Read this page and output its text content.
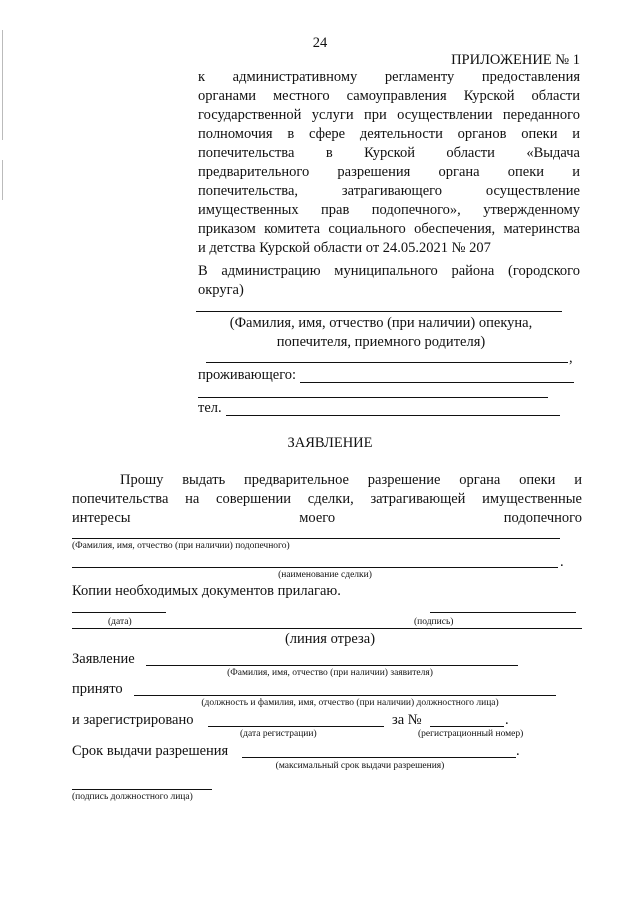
24
ПРИЛОЖЕНИЕ № 1
к административному регламенту предоставления
органами местного самоуправления Курской области
государственной услуги при осуществлении переданного
полномочия в сфере деятельности органов опеки и
попечительства в Курской области «Выдача
предварительного разрешения органа опеки и
попечительства, затрагивающего осуществление
имущественных прав подопечного», утвержденному
приказом комитета социального обеспечения, материнства
и детства Курской области от 24.05.2021 № 207
В администрацию муниципального района (городского
округа)
(Фамилия, имя, отчество (при наличии) опекуна,
попечителя, приемного родителя)
,
проживающего:
тел.
ЗАЯВЛЕНИЕ
Прошу выдать предварительное разрешение органа опеки и
попечительства на совершении сделки, затрагивающей имущественные
интересы моего подопечного
(Фамилия, имя, отчество (при наличии) подопечного)
.
(наименование сделки)
Копии необходимых документов прилагаю.
(дата)	(подпись)
(линия отреза)
Заявление
(Фамилия, имя, отчество (при наличии) заявителя)
принято
(должность и фамилия, имя, отчество (при наличии) должностного лица)
и зарегистрировано	за №	.
(дата регистрации)	(регистрационный номер)
Срок выдачи разрешения	.
(максимальный срок выдачи разрешения)
(подпись должностного лица)
